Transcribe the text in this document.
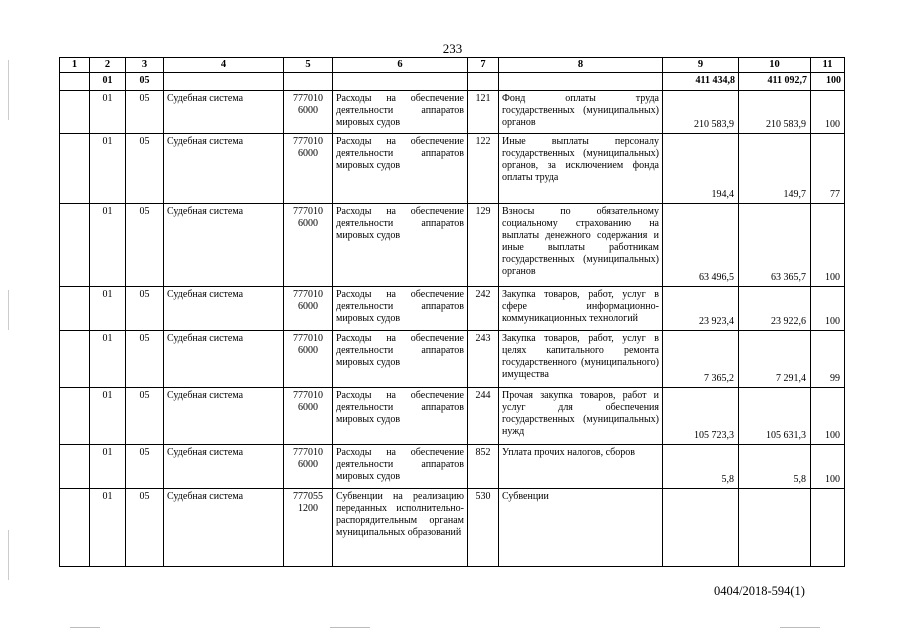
233
1	2	3	4	5	6	7	8	9	10	11
	01	05						411 434,8	411 092,7	100

	01	05	Судебная система	777010 6000	Расходы на обеспечение деятельности аппаратов мировых судов	121	Фонд оплаты труда государственных (муниципальных) органов	210 583,9	210 583,9	100

	01	05	Судебная система	777010 6000	Расходы на обеспечение деятельности аппаратов мировых судов	122	Иные выплаты персоналу государственных (муниципальных) органов, за исключением фонда оплаты труда	194,4	149,7	77

	01	05	Судебная система	777010 6000	Расходы на обеспечение деятельности аппаратов мировых судов	129	Взносы по обязательному социальному страхованию на выплаты денежного содержания и иные выплаты работникам государственных (муниципальных) органов	63 496,5	63 365,7	100

	01	05	Судебная система	777010 6000	Расходы на обеспечение деятельности аппаратов мировых судов	242	Закупка товаров, работ, услуг в сфере информационно-коммуникационных технологий	23 923,4	23 922,6	100

	01	05	Судебная система	777010 6000	Расходы на обеспечение деятельности аппаратов мировых судов	243	Закупка товаров, работ, услуг в целях капитального ремонта государственного (муниципального) имущества	7 365,2	7 291,4	99

	01	05	Судебная система	777010 6000	Расходы на обеспечение деятельности аппаратов мировых судов	244	Прочая закупка товаров, работ и услуг для обеспечения государственных (муниципальных) нужд	105 723,3	105 631,3	100

	01	05	Судебная система	777010 6000	Расходы на обеспечение деятельности аппаратов мировых судов	852	Уплата прочих налогов, сборов	5,8	5,8	100

	01	05	Судебная система	777055 1200	Субвенции на реализацию переданных исполнительно-распорядительным органам муниципальных образований	530	Субвенции	

0404/2018-594(1)
